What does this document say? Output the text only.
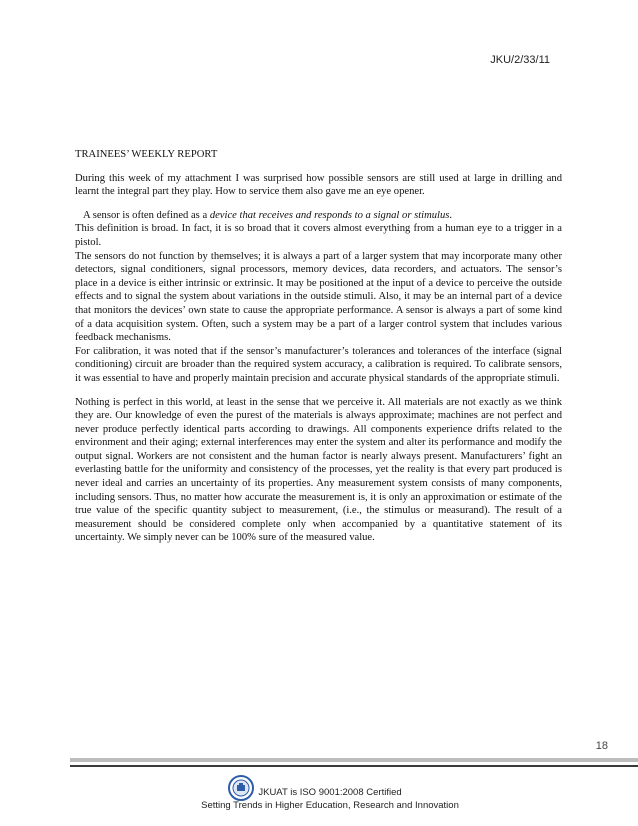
JKU/2/33/11

TRAINEES’ WEEKLY REPORT

During this week of my attachment I was surprised how possible sensors are still used at large in drilling and learnt the integral part they play. How to service them also gave me an eye opener.

A sensor is often defined as a device that receives and responds to a signal or stimulus.

This definition is broad. In fact, it is so broad that it covers almost everything from a human eye to a trigger in a pistol.

The sensors do not function by themselves; it is always a part of a larger system that may incorporate many other detectors, signal conditioners, signal processors, memory devices, data recorders, and actuators. The sensor’s place in a device is either intrinsic or extrinsic. It may be positioned at the input of a device to perceive the outside effects and to signal the system about variations in the outside stimuli. Also, it may be an internal part of a device that monitors the devices’ own state to cause the appropriate performance. A sensor is always a part of some kind of a data acquisition system. Often, such a system may be a part of a larger control system that includes various feedback mechanisms.

For calibration, it was noted that if the sensor’s manufacturer’s tolerances and tolerances of the interface (signal conditioning) circuit are broader than the required system accuracy, a calibration is required. To calibrate sensors, it was essential to have and properly maintain precision and accurate physical standards of the appropriate stimuli.

Nothing is perfect in this world, at least in the sense that we perceive it. All materials are not exactly as we think they are. Our knowledge of even the purest of the materials is always approximate; machines are not perfect and never produce perfectly identical parts according to drawings. All components experience drifts related to the environment and their aging; external interferences may enter the system and alter its performance and modify the output signal. Workers are not consistent and the human factor is nearly always present. Manufacturers’ fight an everlasting battle for the uniformity and consistency of the processes, yet the reality is that every part produced is never ideal and carries an uncertainty of its properties. Any measurement system consists of many components, including sensors. Thus, no matter how accurate the measurement is, it is only an approximation or estimate of the true value of the specific quantity subject to measurement, (i.e., the stimulus or measurand). The result of a measurement should be considered complete only when accompanied by a quantitative statement of its uncertainty. We simply never can be 100% sure of the measured value.

18
JKUAT is ISO 9001:2008 Certified
Setting Trends in Higher Education, Research and Innovation
